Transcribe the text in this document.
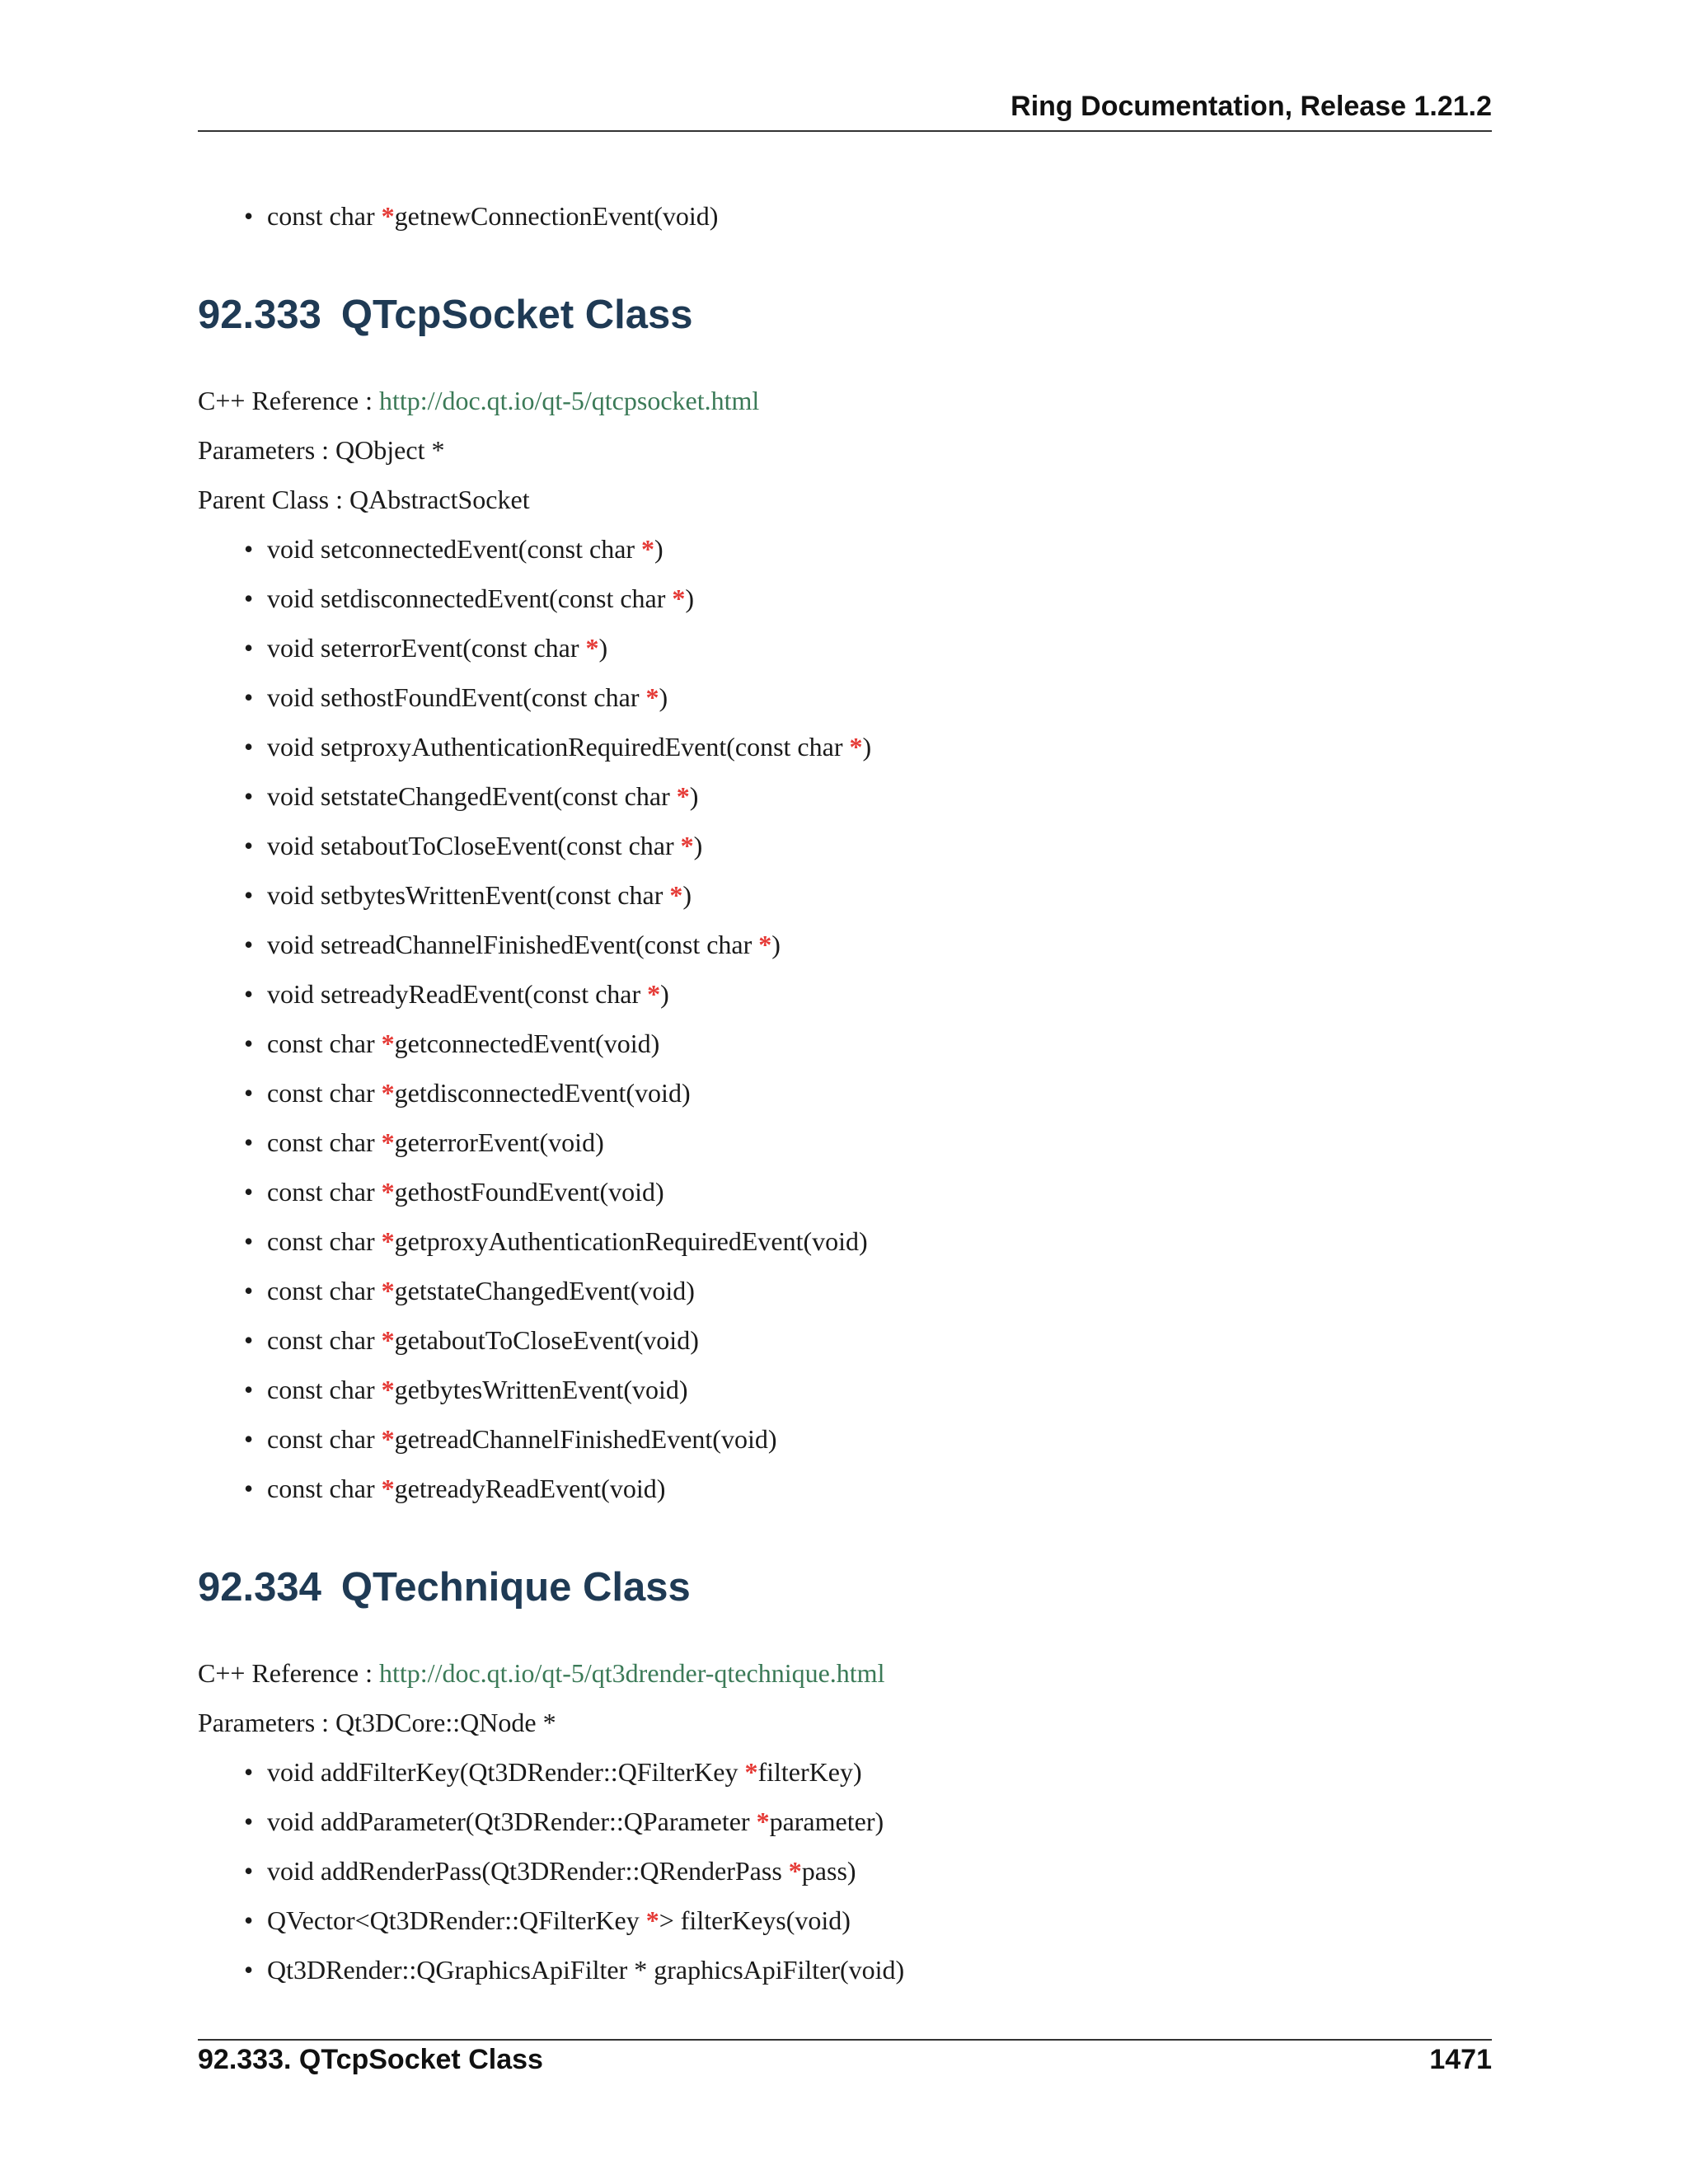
Ring Documentation, Release 1.21.2
• const char *getnewConnectionEvent(void)
92.333 QTcpSocket Class

C++ Reference : http://doc.qt.io/qt-5/qtcpsocket.html

Parameters : QObject *

Parent Class : QAbstractSocket

• void setconnectedEvent(const char *)
• void setdisconnectedEvent(const char *)
• void seterrorEvent(const char *)
• void sethostFoundEvent(const char *)
• void setproxyAuthenticationRequiredEvent(const char *)
• void setstateChangedEvent(const char *)
• void setaboutToCloseEvent(const char *)
• void setbytesWrittenEvent(const char *)
• void setreadChannelFinishedEvent(const char *)
• void setreadyReadEvent(const char *)
• const char *getconnectedEvent(void)
• const char *getdisconnectedEvent(void)
• const char *geterrorEvent(void)
• const char *gethostFoundEvent(void)
• const char *getproxyAuthenticationRequiredEvent(void)
• const char *getstateChangedEvent(void)
• const char *getaboutToCloseEvent(void)
• const char *getbytesWrittenEvent(void)
• const char *getreadChannelFinishedEvent(void)
• const char *getreadyReadEvent(void)
92.334 QTechnique Class

C++ Reference : http://doc.qt.io/qt-5/qt3drender-qtechnique.html

Parameters : Qt3DCore::QNode *

• void addFilterKey(Qt3DRender::QFilterKey *filterKey)
• void addParameter(Qt3DRender::QParameter *parameter)
• void addRenderPass(Qt3DRender::QRenderPass *pass)
• QVector<Qt3DRender::QFilterKey *> filterKeys(void)
• Qt3DRender::QGraphicsApiFilter * graphicsApiFilter(void)
92.333. QTcpSocket Class	1471
